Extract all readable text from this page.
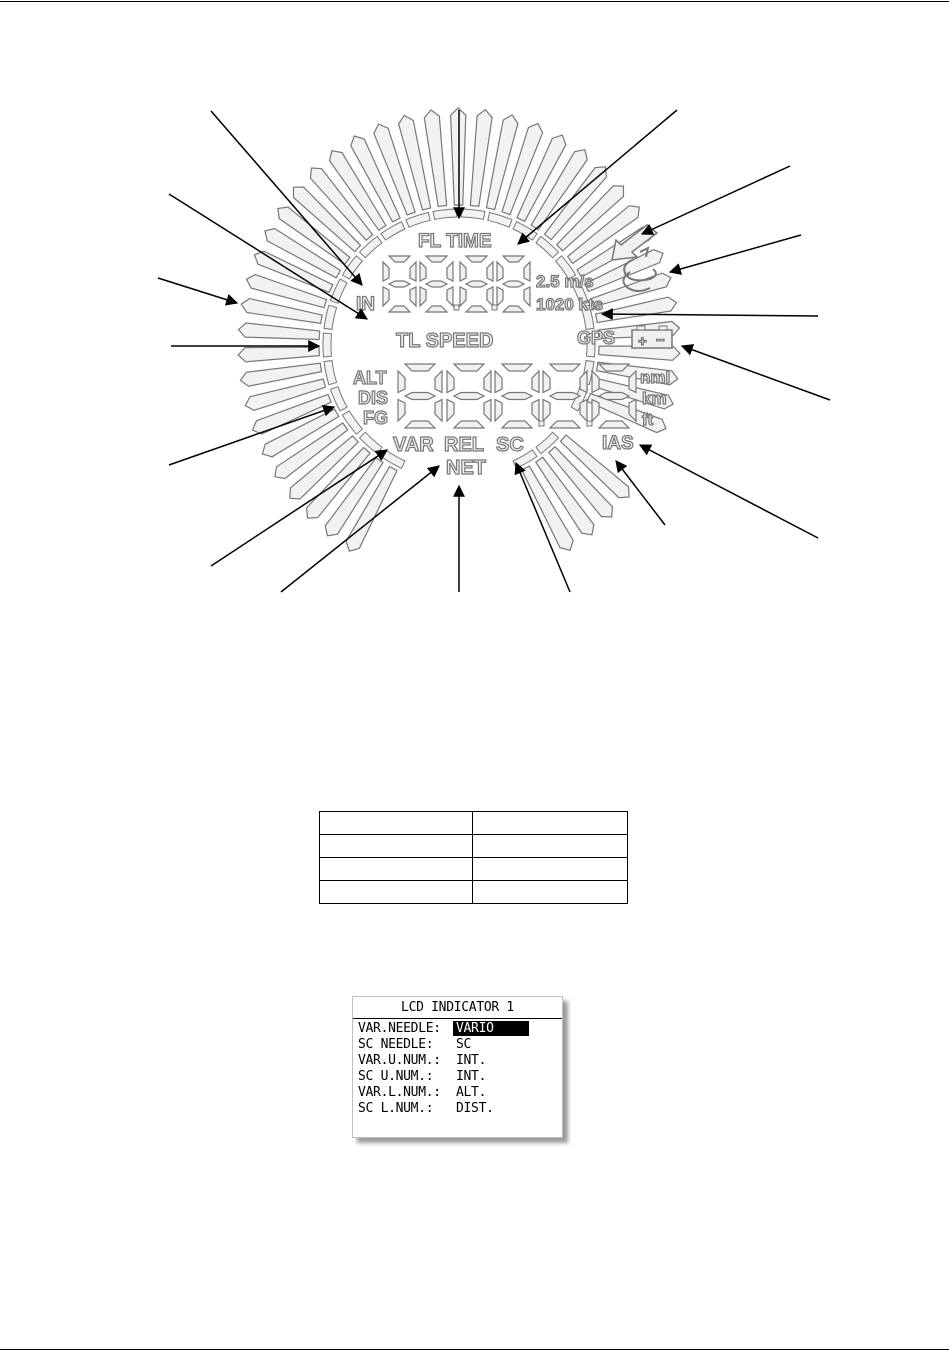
FL TIME
IN
TL SPEED
2.5 m/s
1020 kts
GPS
ALT
DIS
FG
nml
km
ft
VAR REL SC
NET
IAS
+ −

LCD INDICATOR 1
VAR.NEEDLE: VARIO
SC NEEDLE: SC
VAR.U.NUM.: INT.
SC U.NUM.: INT.
VAR.L.NUM.: ALT.
SC L.NUM.: DIST.
